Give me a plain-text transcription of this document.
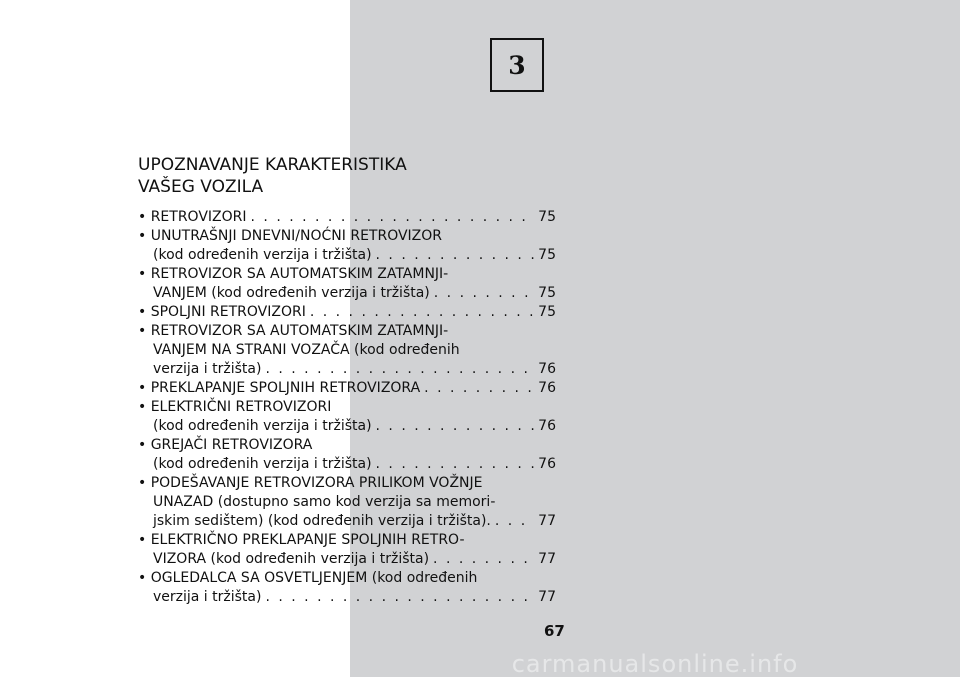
3
UPOZNAVANJE KARAKTERISTIKA
VAŠEG VOZILA
• RETROVIZORI . . .	75
• UNUTRAŠNJI DNEVNI/NOĆNI RETROVIZOR
(kod određenih verzija i tržišta) . . .	75
• RETROVIZOR SA AUTOMATSKIM ZATAMNJI-
VANJEM (kod određenih verzija i tržišta) . . .	75
• SPOLJNI RETROVIZORI . . .	75
• RETROVIZOR SA AUTOMATSKIM ZATAMNJI-
VANJEM NA STRANI VOZAČA (kod određenih
verzija i tržišta) . . .	76
• PREKLAPANJE SPOLJNIH RETROVIZORA . . .	76
• ELEKTRIČNI RETROVIZORI
(kod određenih verzija i tržišta) . . .	76
• GREJAČI RETROVIZORA
(kod određenih verzija i tržišta) . . .	76
• PODEŠAVANJE RETROVIZORA PRILIKOM VOŽNJE
UNAZAD (dostupno samo kod verzija sa memori-
jskim sedištem) (kod određenih verzija i tržišta). . . .	77
• ELEKTRIČNO PREKLAPANJE SPOLJNIH RETRO-
VIZORA (kod određenih verzija i tržišta) . . .	77
• OGLEDALCA SA OSVETLJENJEM (kod određenih
verzija i tržišta) . . .	77
67
carmanualsonline.info
